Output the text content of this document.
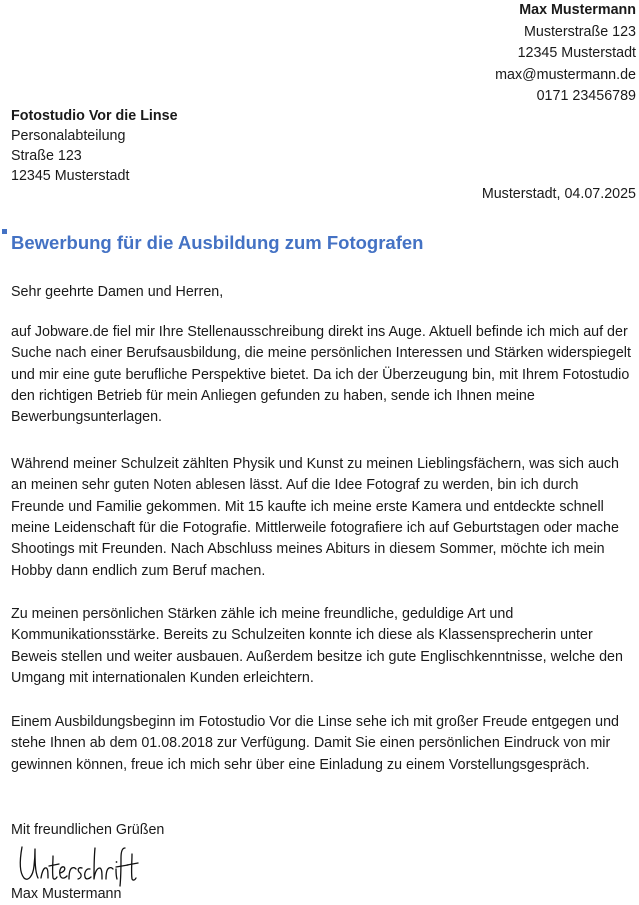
Max Mustermann
Musterstraße 123
12345 Musterstadt
max@mustermann.de
0171 23456789
Fotostudio Vor die Linse
Personalabteilung
Straße 123
12345 Musterstadt
Musterstadt, 04.07.2025
Bewerbung für die Ausbildung zum Fotografen
Sehr geehrte Damen und Herren,

auf Jobware.de fiel mir Ihre Stellenausschreibung direkt ins Auge. Aktuell befinde ich mich auf der Suche nach einer Berufsausbildung, die meine persönlichen Interessen und Stärken widerspiegelt und mir eine gute berufliche Perspektive bietet. Da ich der Überzeugung bin, mit Ihrem Fotostudio den richtigen Betrieb für mein Anliegen gefunden zu haben, sende ich Ihnen meine Bewerbungsunterlagen.

Während meiner Schulzeit zählten Physik und Kunst zu meinen Lieblingsfächern, was sich auch an meinen sehr guten Noten ablesen lässt. Auf die Idee Fotograf zu werden, bin ich durch Freunde und Familie gekommen. Mit 15 kaufte ich meine erste Kamera und entdeckte schnell meine Leidenschaft für die Fotografie. Mittlerweile fotografiere ich auf Geburtstagen oder mache Shootings mit Freunden. Nach Abschluss meines Abiturs in diesem Sommer, möchte ich mein Hobby dann endlich zum Beruf machen.

Zu meinen persönlichen Stärken zähle ich meine freundliche, geduldige Art und Kommunikationsstärke. Bereits zu Schulzeiten konnte ich diese als Klassensprecherin unter Beweis stellen und weiter ausbauen. Außerdem besitze ich gute Englischkenntnisse, welche den Umgang mit internationalen Kunden erleichtern.

Einem Ausbildungsbeginn im Fotostudio Vor die Linse sehe ich mit großer Freude entgegen und stehe Ihnen ab dem 01.08.2018 zur Verfügung. Damit Sie einen persönlichen Eindruck von mir gewinnen können, freue ich mich sehr über eine Einladung zu einem Vorstellungsgespräch.

Mit freundlichen Grüßen
Max Mustermann
